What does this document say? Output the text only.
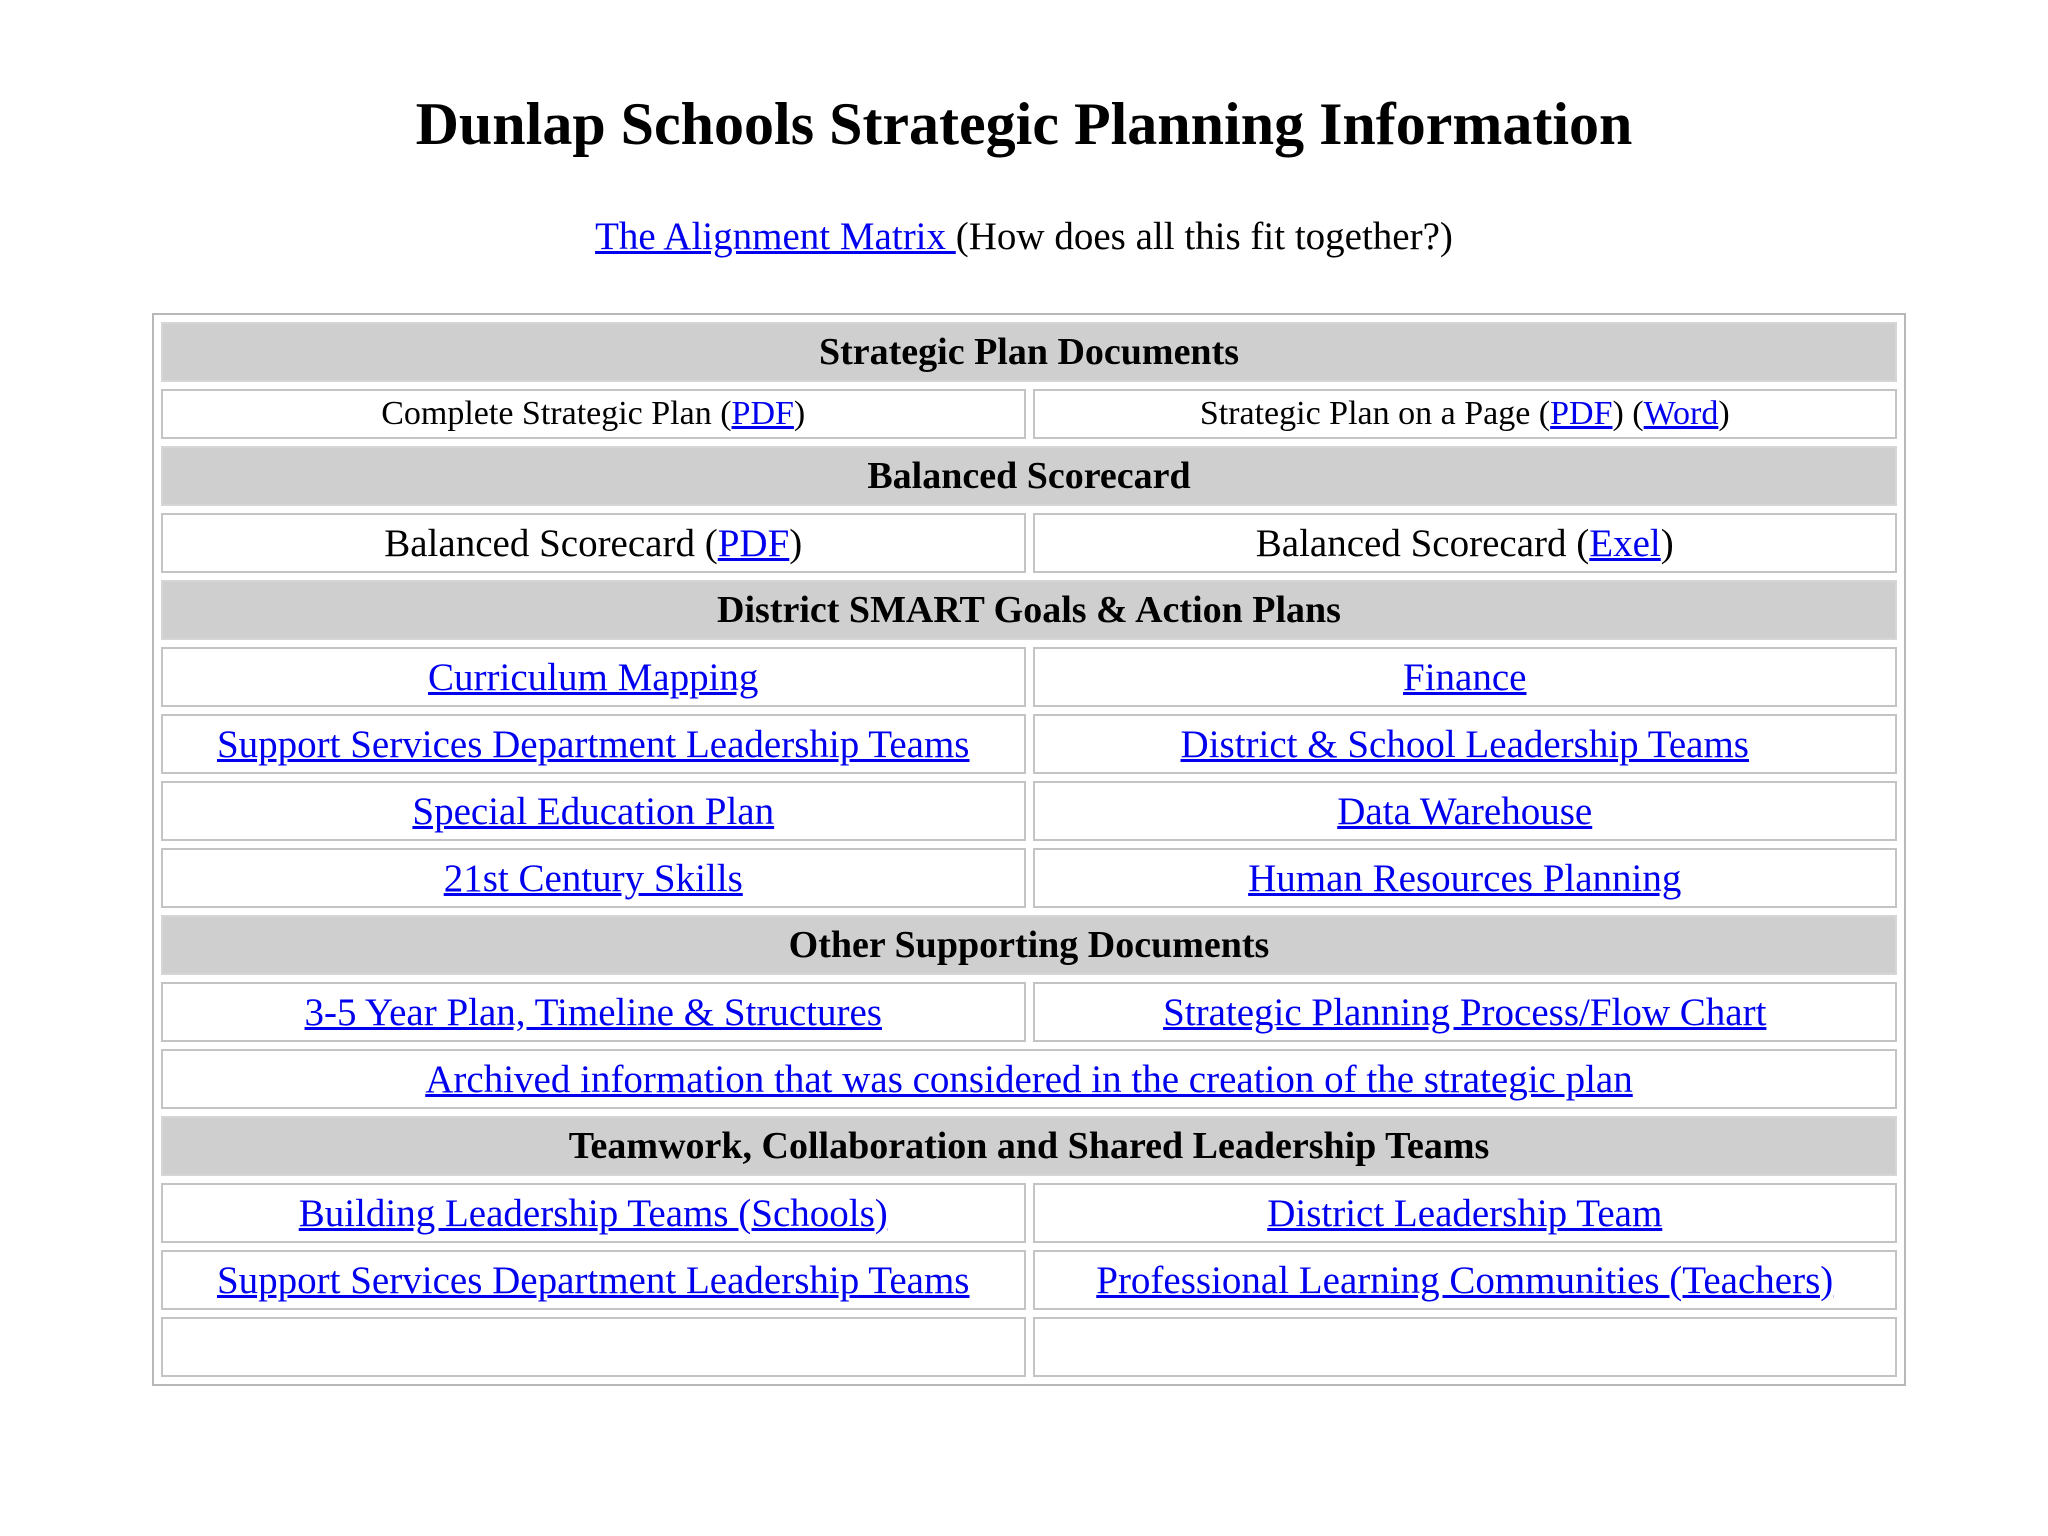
Dunlap Schools Strategic Planning Information
The Alignment Matrix (How does all this fit together?)
Strategic Plan Documents	
Complete Strategic Plan (PDF)	Strategic Plan on a Page (PDF) (Word)
Balanced Scorecard	
Balanced Scorecard (PDF)	Balanced Scorecard (Exel)
District SMART Goals & Action Plans	
Curriculum Mapping	Finance
Support Services Department Leadership Teams	District & School Leadership Teams
Special Education Plan	Data Warehouse
21st Century Skills	Human Resources Planning
Other Supporting Documents	
3-5 Year Plan, Timeline & Structures	Strategic Planning Process/Flow Chart
Archived information that was considered in the creation of the strategic plan	
Teamwork, Collaboration and Shared Leadership Teams	
Building Leadership Teams (Schools)	District Leadership Team
Support Services Department Leadership Teams	Professional Learning Communities (Teachers)
